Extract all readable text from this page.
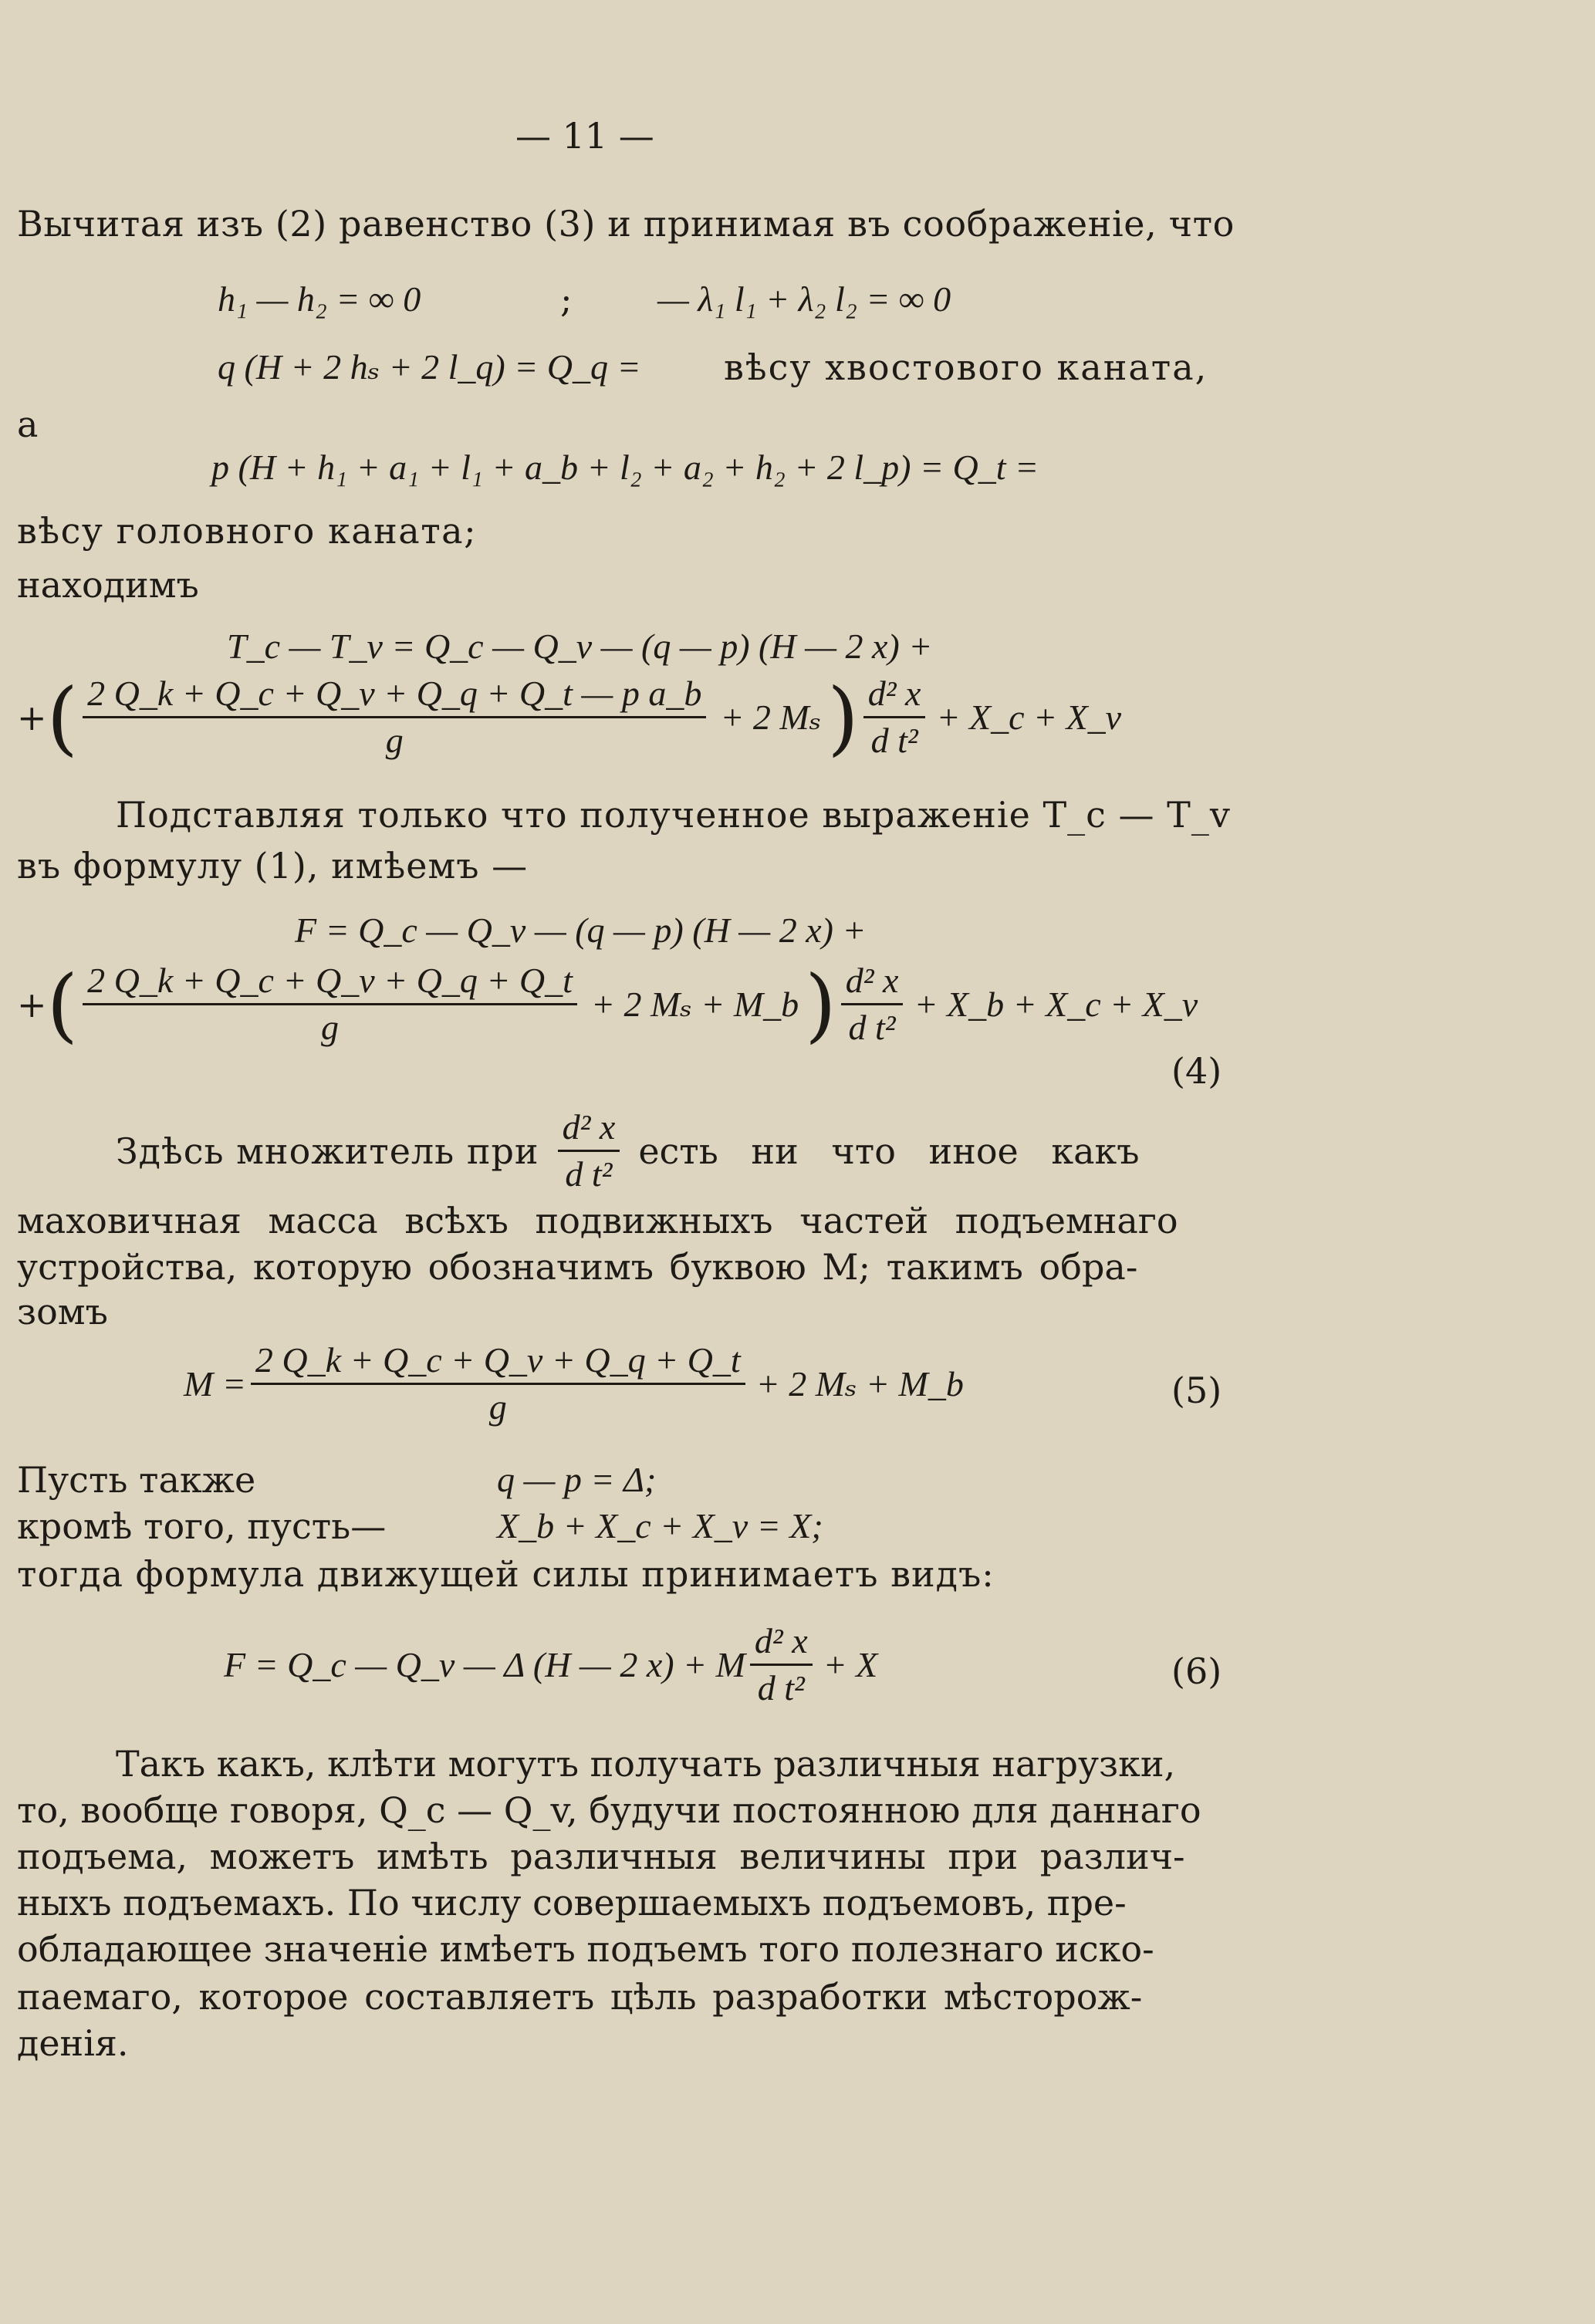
— 11 —
Вычитая изъ (2) равенство (3) и принимая въ соображенiе, что
h₁ — h₂ = ∞ 0	; — λ₁ l₁ + λ₂ l₂ = ∞ 0
q (H + 2 hₛ + 2 l_q) = Q_q = вѣсу хвостового каната,
а
p (H + h₁ + a₁ + l₁ + a_b + l₂ + a₂ + h₂ + 2 l_p) = Q_t =
вѣсу головного каната;
находимъ
T_c — T_v = Q_c — Q_v — (q — p) (H — 2 x) +
+ ( $\frac{\text{2 Q\_k + Q\_c + Q\_v + Q\_q + Q\_t — p a\_b}}{g} + 2$ Mₛ ) $\frac{\text{d² x}}{\text{d t²}}$ + X_c + X_v
Подставляя только что полученное выраженiе T_c — T_v
въ формулу (1), имѣемъ —
F = Q_c — Q_v — (q — p) (H — 2 x) +
+ ( $\frac{2 Q\_k + Q\_c + Q\_v + Q\_q + Q\_t}{g} + 2$ Mₛ + M_b ) $\frac{\text{d² x}}{\text{d t²}}$ + X_b + X_c + X_v
(4)
Здѣсь множитель при $\frac{\text{d² x}}{\text{d t²}}$ есть ни что иное какъ
маховичная масса всѣхъ подвижныхъ частей подъемнаго
устройства, которую обозначимъ буквою M; такимъ обра-
зомъ
$M = \frac{2 Q\_k + Q\_c + Q\_v + Q\_q + Q\_t}{g} + 2$ Mₛ + M_b	(5)
Пусть также	q — p = Δ;
кромѣ того, пусть—	X_b + X_c + X_v = X;
тогда формула движущей силы принимаетъ видъ:
F = Q_c — Q_v — Δ (H — 2 x) + M $\frac{\text{d² x}}{\text{d t²}} + X$	(6)
Такъ какъ, клѣти могутъ получать различныя нагрузки,
то, вообще говоря, Q_c — Q_v, будучи постоянною для даннаго
подъема, можетъ имѣть различныя величины при различ-
ныхъ подъемахъ. По числу совершаемыхъ подъемовъ, пре-
обладающее значенiе имѣетъ подъемъ того полезнаго иско-
паемаго, которое составляетъ цѣль разработки мѣсторож-
денiя.
